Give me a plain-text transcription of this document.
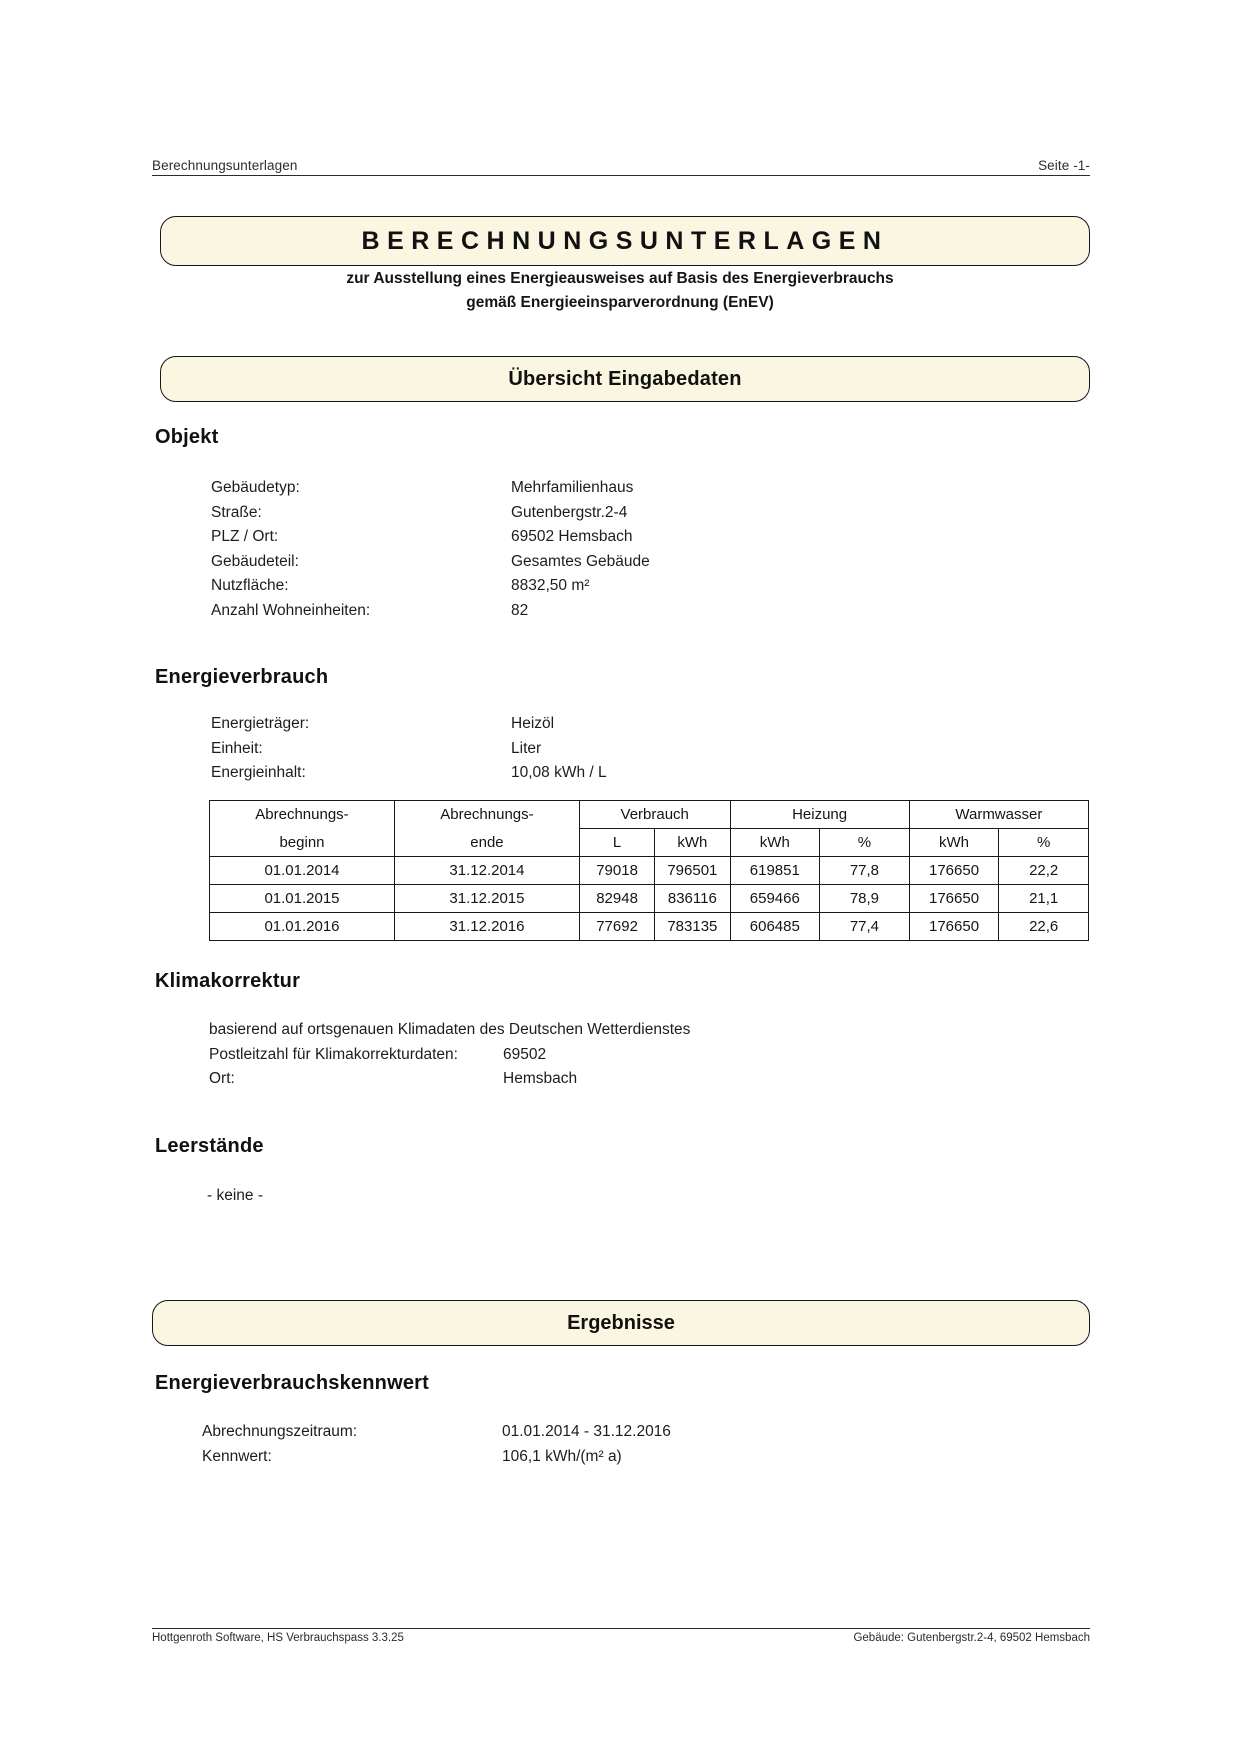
Berechnungsunterlagen	Seite -1-
BERECHNUNGSUNTERLAGEN
zur Ausstellung eines Energieausweises auf Basis des Energieverbrauchs
gemäß Energieeinsparverordnung (EnEV)
Übersicht Eingabedaten
Objekt
Gebäudetyp:	Mehrfamilienhaus
Straße:	Gutenbergstr.2-4
PLZ / Ort:	69502 Hemsbach
Gebäudeteil:	Gesamtes Gebäude
Nutzfläche:	8832,50 m²
Anzahl Wohneinheiten:	82
Energieverbrauch
Energieträger:	Heizöl
Einheit:	Liter
Energieinhalt:	10,08 kWh / L
Abrechnungs-	Abrechnungs-	Verbrauch		Heizung		Warmwasser	
beginn	ende	L	kWh	kWh	%	kWh	%
01.01.2014	31.12.2014	79018	796501	619851	77,8	176650	22,2
01.01.2015	31.12.2015	82948	836116	659466	78,9	176650	21,1
01.01.2016	31.12.2016	77692	783135	606485	77,4	176650	22,6
Klimakorrektur
basierend auf ortsgenauen Klimadaten des Deutschen Wetterdienstes
Postleitzahl für Klimakorrekturdaten:	69502
Ort:	Hemsbach
Leerstände
- keine -
Ergebnisse
Energieverbrauchskennwert
Abrechnungszeitraum:	01.01.2014 - 31.12.2016
Kennwert:	106,1 kWh/(m² a)
Hottgenroth Software, HS Verbrauchspass 3.3.25	Gebäude: Gutenbergstr.2-4, 69502 Hemsbach
